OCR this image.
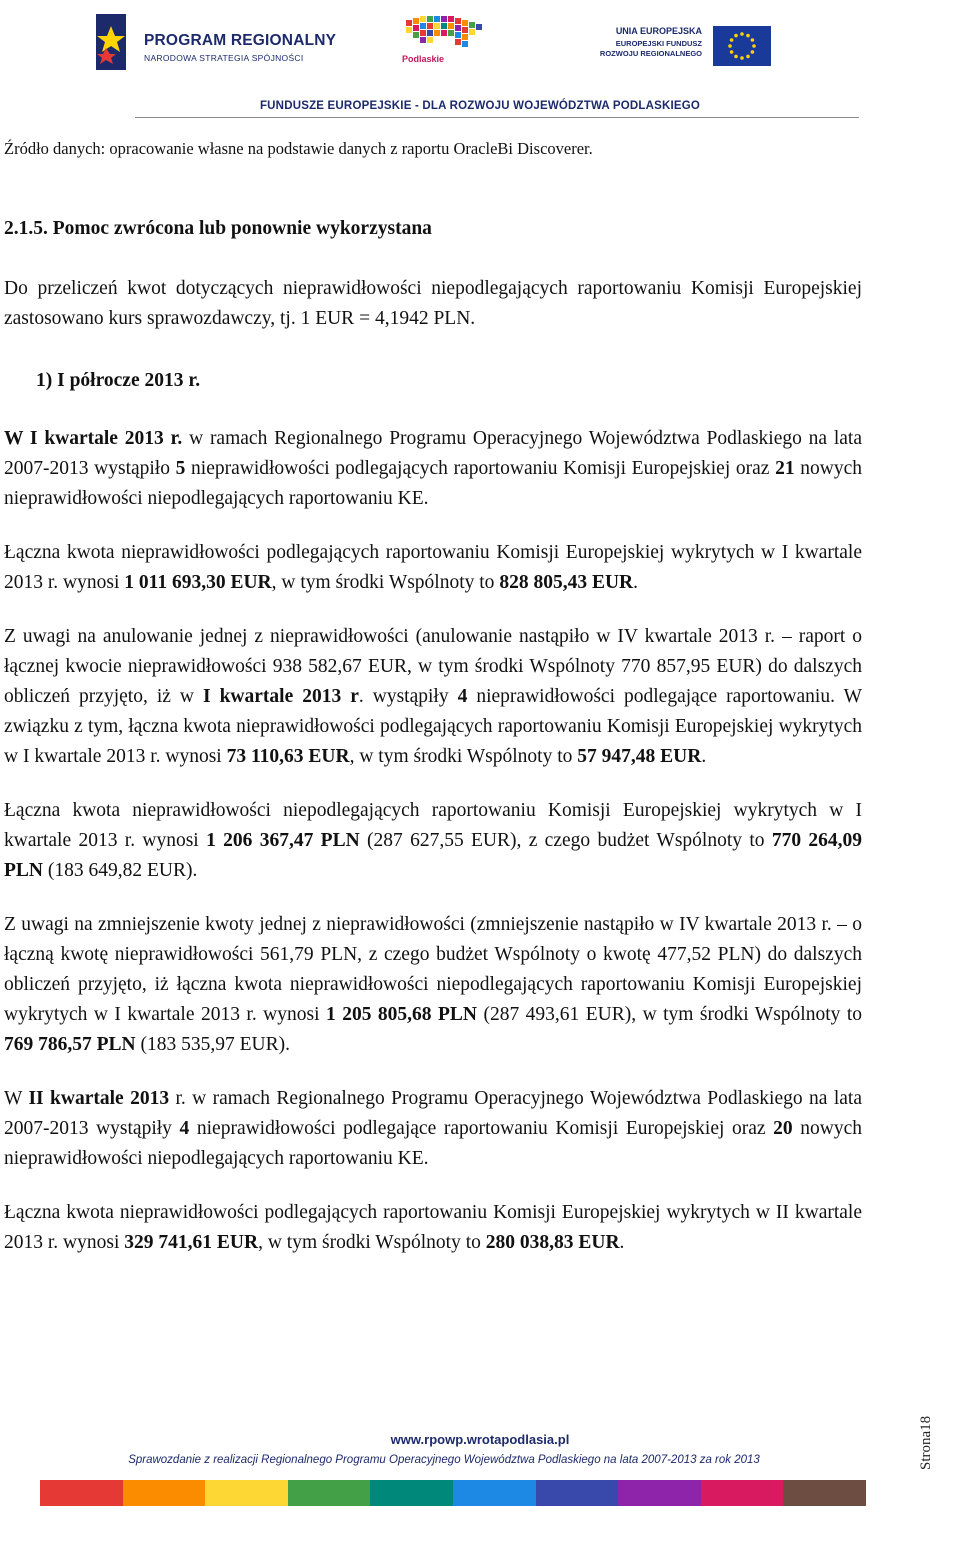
PROGRAM REGIONALNY
NARODOWA STRATEGIA SPÓJNOŚCI	Podlaskie
UNIA EUROPEJSKA
EUROPEJSKI FUNDUSZ
ROZWOJU REGIONALNEGO
FUNDUSZE EUROPEJSKIE - DLA ROZWOJU WOJEWÓDZTWA PODLASKIEGO

Źródło danych: opracowanie własne na podstawie danych z raportu OracleBi Discoverer.

2.1.5. Pomoc zwrócona lub ponownie wykorzystana

Do przeliczeń kwot dotyczących nieprawidłowości niepodlegających raportowaniu Komisji Europejskiej zastosowano kurs sprawozdawczy, tj. 1 EUR = 4,1942 PLN.

1) I półrocze 2013 r.

W I kwartale 2013 r. w ramach Regionalnego Programu Operacyjnego Województwa Podlaskiego na lata 2007-2013 wystąpiło 5 nieprawidłowości podlegających raportowaniu Komisji Europejskiej oraz 21 nowych nieprawidłowości niepodlegających raportowaniu KE.

Łączna kwota nieprawidłowości podlegających raportowaniu Komisji Europejskiej wykrytych w I kwartale 2013 r. wynosi 1 011 693,30 EUR, w tym środki Wspólnoty to 828 805,43 EUR.

Z uwagi na anulowanie jednej z nieprawidłowości (anulowanie nastąpiło w IV kwartale 2013 r. – raport o łącznej kwocie nieprawidłowości 938 582,67 EUR, w tym środki Wspólnoty 770 857,95 EUR) do dalszych obliczeń przyjęto, iż w I kwartale 2013 r. wystąpiły 4 nieprawidłowości podlegające raportowaniu. W związku z tym, łączna kwota nieprawidłowości podlegających raportowaniu Komisji Europejskiej wykrytych w I kwartale 2013 r. wynosi 73 110,63 EUR, w tym środki Wspólnoty to 57 947,48 EUR.

Łączna kwota nieprawidłowości niepodlegających raportowaniu Komisji Europejskiej wykrytych w I kwartale 2013 r. wynosi 1 206 367,47 PLN (287 627,55 EUR), z czego budżet Wspólnoty to 770 264,09 PLN (183 649,82 EUR).

Z uwagi na zmniejszenie kwoty jednej z nieprawidłowości (zmniejszenie nastąpiło w IV kwartale 2013 r. – o łączną kwotę nieprawidłowości 561,79 PLN, z czego budżet Wspólnoty o kwotę 477,52 PLN) do dalszych obliczeń przyjęto, iż łączna kwota nieprawidłowości niepodlegających raportowaniu Komisji Europejskiej wykrytych w I kwartale 2013 r. wynosi 1 205 805,68 PLN (287 493,61 EUR), w tym środki Wspólnoty to 769 786,57 PLN (183 535,97 EUR).

W II kwartale 2013 r. w ramach Regionalnego Programu Operacyjnego Województwa Podlaskiego na lata 2007-2013 wystąpiły 4 nieprawidłowości podlegające raportowaniu Komisji Europejskiej oraz 20 nowych nieprawidłowości niepodlegających raportowaniu KE.

Łączna kwota nieprawidłowości podlegających raportowaniu Komisji Europejskiej wykrytych w II kwartale 2013 r. wynosi 329 741,61 EUR, w tym środki Wspólnoty to 280 038,83 EUR.

www.rpowp.wrotapodlasia.pl
Sprawozdanie z realizacji Regionalnego Programu Operacyjnego Województwa Podlaskiego na lata 2007-2013 za rok 2013	Strona18
